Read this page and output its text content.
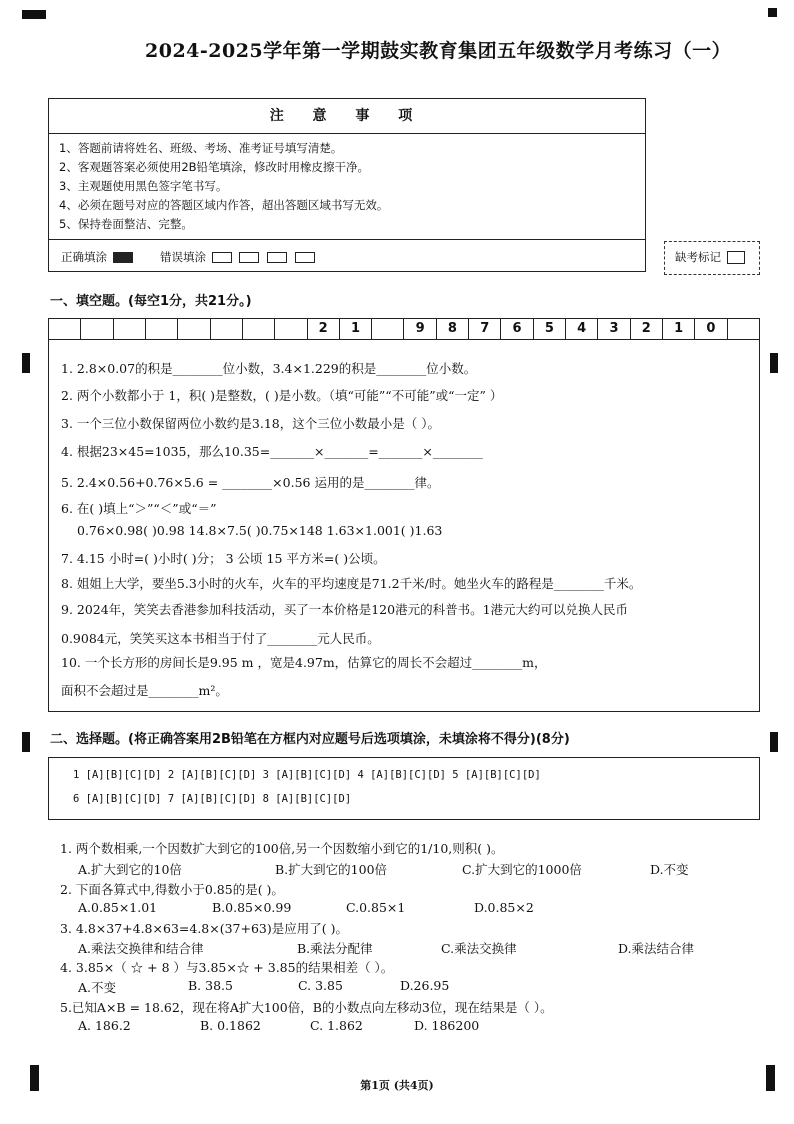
2024-2025学年第一学期鼓实教育集团五年级数学月考练习（一）
注 意 事 项
1、答题前请将姓名、班级、考场、准考证号填写清楚。
2、客观题答案必须使用2B铅笔填涂，修改时用橡皮擦干净。
3、主观题使用黑色签字笔书写。
4、必须在题号对应的答题区域内作答，超出答题区域书写无效。
5、保持卷面整洁、完整。
正确填涂	错误填涂	缺考标记
一、填空题。(每空1分，共21分。)
2	1	9	8	7	6	5	4	3	2	1	0
1. 2.8×0.07的积是________位小数，3.4×1.229的积是________位小数。
2. 两个小数都小于 1，积( )是整数，( )是小数。（填“可能”“不可能”或“一定” ）
3. 一个三位小数保留两位小数约是3.18，这个三位小数最小是（ ）。
4. 根据23×45=1035，那么10.35=_______×_______=_______×________
5. 2.4×0.56+0.76×5.6 = ________×0.56 运用的是________律。
6. 在( )填上“＞”“＜”或“＝”
0.76×0.98( )0.98 14.8×7.5( )0.75×148 1.63×1.001( )1.63
7. 4.15 小时=( )小时( )分； 3 公顷 15 平方米=( )公顷。
8. 姐姐上大学，要坐5.3小时的火车，火车的平均速度是71.2千米/时。她坐火车的路程是________千米。
9. 2024年，笑笑去香港参加科技活动，买了一本价格是120港元的科普书。1港元大约可以兑换人民币
0.9084元，笑笑买这本书相当于付了________元人民币。
10. 一个长方形的房间长是9.95 m ，宽是4.97m，估算它的周长不会超过________m，
面积不会超过是________m²。
二、选择题。(将正确答案用2B铅笔在方框内对应题号后选项填涂，未填涂将不得分)(8分)
1 [A][B][C][D] 2 [A][B][C][D] 3 [A][B][C][D] 4 [A][B][C][D] 5 [A][B][C][D]
6 [A][B][C][D] 7 [A][B][C][D] 8 [A][B][C][D]
1. 两个数相乘,一个因数扩大到它的100倍,另一个因数缩小到它的1/10,则积( )。
A.扩大到它的10倍	B.扩大到它的100倍	C.扩大到它的1000倍	D.不变
2. 下面各算式中,得数小于0.85的是( )。
A.0.85×1.01	B.0.85×0.99	C.0.85×1	D.0.85×2
3. 4.8×37+4.8×63=4.8×(37+63)是应用了( )。
A.乘法交换律和结合律	B.乘法分配律	C.乘法交换律	D.乘法结合律
4. 3.85×（ ☆ + 8 ）与3.85×☆ + 3.85的结果相差（ ）。
A.不变	B. 38.5	C. 3.85	D.26.95
5.已知A×B = 18.62，现在将A扩大100倍，B的小数点向左移动3位，现在结果是（ ）。
A. 186.2	B. 0.1862	C. 1.862	D. 186200
第1页 (共4页)
